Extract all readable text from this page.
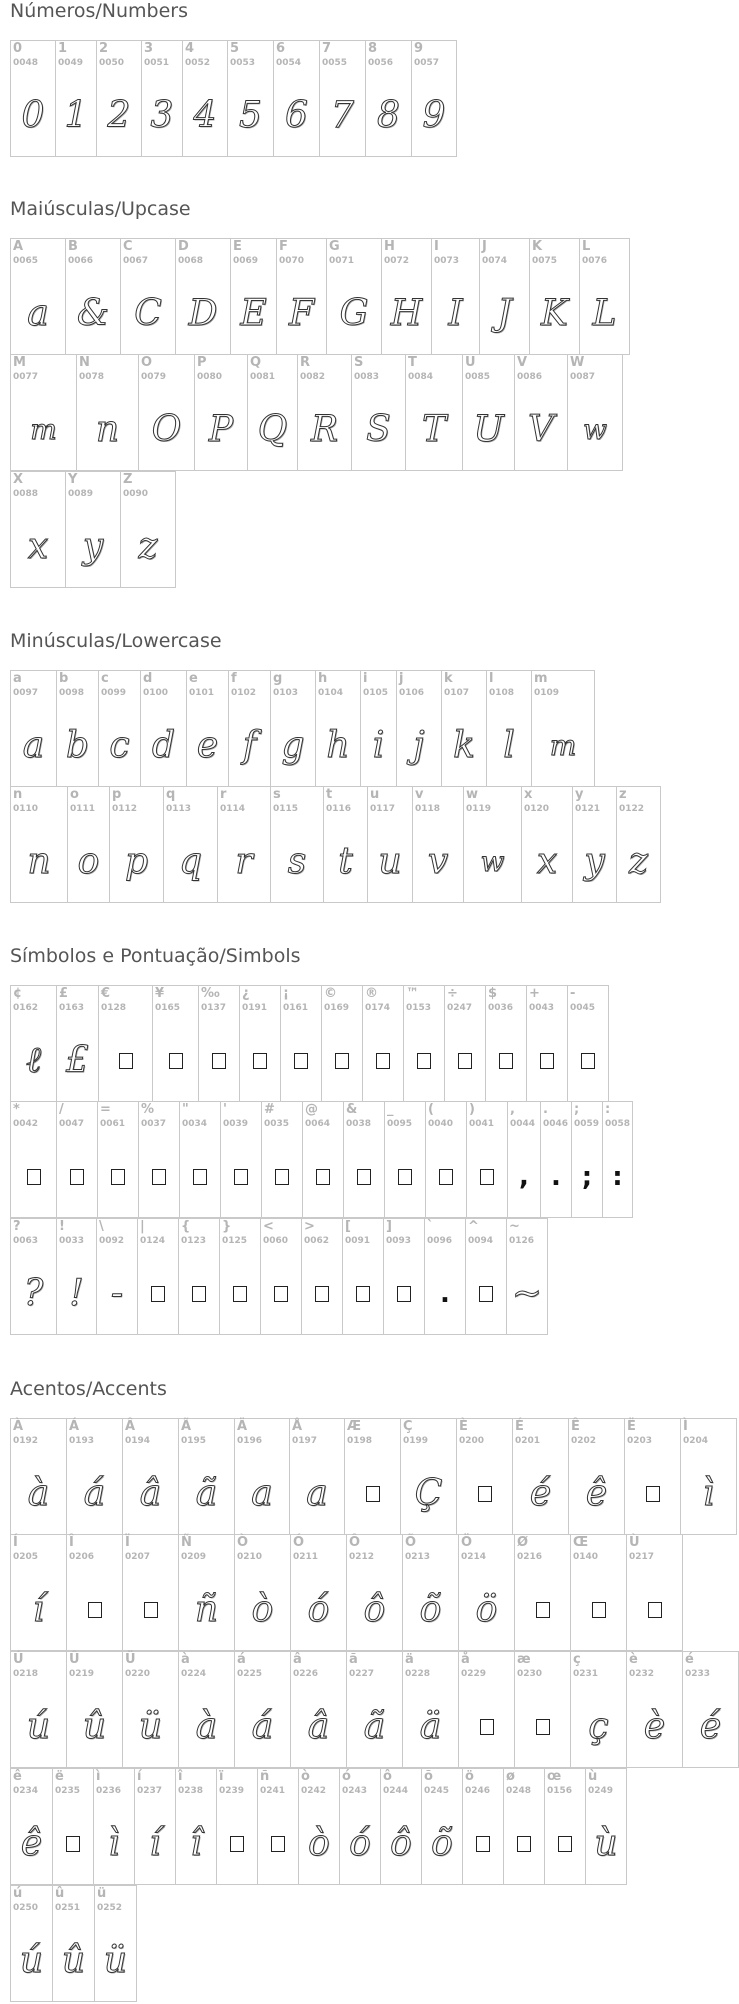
Números/Numbers
0
0048
0
1
0049
1
2
0050
2
3
0051
3
4
0052
4
5
0053
5
6
0054
6
7
0055
7
8
0056
8
9
0057
9
Maiúsculas/Upcase
A
0065
a
B
0066
&
C
0067
C
D
0068
D
E
0069
E
F
0070
F
G
0071
G
H
0072
H
I
0073
I
J
0074
J
K
0075
K
L
0076
L
M
0077
m
N
0078
n
O
0079
O
P
0080
P
Q
0081
Q
R
0082
R
S
0083
S
T
0084
T
U
0085
U
V
0086
V
W
0087
w
X
0088
x
Y
0089
y
Z
0090
z
Minúsculas/Lowercase
a
0097
a
b
0098
b
c
0099
c
d
0100
d
e
0101
e
f
0102
f
g
0103
g
h
0104
h
i
0105
i
j
0106
j
k
0107
k
l
0108
l
m
0109
m
n
0110
n
o
0111
o
p
0112
p
q
0113
q
r
0114
r
s
0115
s
t
0116
t
u
0117
u
v
0118
v
w
0119
w
x
0120
x
y
0121
y
z
0122
z
Símbolos e Pontuação/Simbols
¢
0162
ℓ
£
0163
£
€
0128
¥
0165
‰
0137
¿
0191
¡
0161
©
0169
®
0174
™
0153
÷
0247
$
0036
+
0043
-
0045
*
0042
/
0047
=
0061
%
0037
"
0034
'
0039
#
0035
@
0064
&
0038
_
0095
(
0040
)
0041
,
0044
,
.
0046
.
;
0059
;
:
0058
:
?
0063
?
!
0033
!
\
0092
-
|
0124
{
0123
}
0125
<
0060
>
0062
[
0091
]
0093
`
0096
.
^
0094
~
0126
~
Acentos/Accents
À
0192
à
Á
0193
á
Â
0194
â
Ã
0195
ã
Ä
0196
a
Å
0197
a
Æ
0198
Ç
0199
Ç
È
0200
É
0201
é
Ê
0202
ê
Ë
0203
Ì
0204
ì
Í
0205
í
Î
0206
Ï
0207
Ñ
0209
ñ
Ò
0210
ò
Ó
0211
ó
Ô
0212
ô
Õ
0213
õ
Ö
0214
ö
Ø
0216
Œ
0140
Ù
0217
Ú
0218
ú
Û
0219
û
Ü
0220
ü
à
0224
à
á
0225
á
â
0226
â
ã
0227
ã
ä
0228
ä
å
0229
æ
0230
ç
0231
ç
è
0232
è
é
0233
é
ê
0234
ê
ë
0235
ì
0236
ì
í
0237
í
î
0238
î
ï
0239
ñ
0241
ò
0242
ò
ó
0243
ó
ô
0244
ô
õ
0245
õ
ö
0246
ø
0248
œ
0156
ù
0249
ù
ú
0250
ú
û
0251
û
ü
0252
ü
